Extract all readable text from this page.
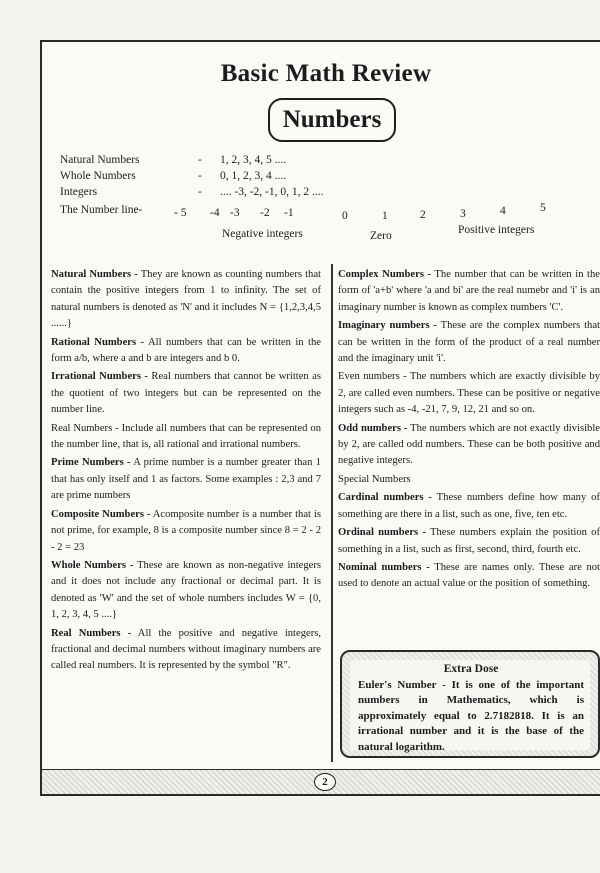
Basic Math Review
Numbers
Natural Numbers	- 1, 2, 3, 4, 5 ....
Whole Numbers	- 0, 1, 2, 3, 4 ....
Integers	- .... -3, -2, -1, 0, 1, 2 ....
The Number line-	- 5 -4 -3 -2 -1	0	1	2	3	4	5
Negative integers	Zero	Positive integers

Natural Numbers - They are known as counting numbers that contain the positive integers from 1 to infinity. The set of natural numbers is denoted as 'N' and it includes N = {1,2,3,4,5 ......}

Rational Numbers - All numbers that can be written in the form a/b, where a and b are integers and b 0.

Irrational Numbers - Real numbers that cannot be written as the quotient of two integers but can be represented on the number line.

Real Numbers - Include all numbers that can be represented on the number line, that is, all rational and irrational numbers.

Prime Numbers - A prime number is a number greater than 1 that has only itself and 1 as factors. Some examples : 2,3 and 7 are prime numbers

Composite Numbers - Acomposite number is a number that is not prime, for example, 8 is a composite number since 8 = 2 - 2 - 2 = 23

Whole Numbers - These are known as non-negative integers and it does not include any fractional or decimal part. It is denoted as 'W' and the set of whole numbers includes W = {0, 1, 2, 3, 4, 5 ....}

Real Numbers - All the positive and negative integers, fractional and decimal numbers without imaginary numbers are called real numbers. It is represented by the symbol "R".

Complex Numbers - The number that can be written in the form of 'a+b' where 'a and bi' are the real numebr and 'i' is an imaginary number is known as complex numbers 'C'.

Imaginary numbers - These are the complex numbers that can be written in the form of the product of a real number and the imaginary unit 'i'.

Even numbers - The numbers which are exactly divisible by 2, are called even numbers. These can be positive or negative integers such as -4, -21, 7, 9, 12, 21 and so on.

Odd numbers - The numbers which are not exactly divisible by 2, are called odd numbers. These can be both positive and negative integers.

Special Numbers

Cardinal numbers - These numbers define how many of something are there in a list, such as one, five, ten etc.

Ordinal numbers - These numbers explain the position of something in a list, such as first, second, third, fourth etc.

Nominal numbers - These are names only. These are not used to denote an actual value or the position of something.

Extra Dose
Euler's Number - It is one of the important numbers in Mathematics, which is approximately equal to 2.7182818. It is an irrational number and it is the base of the natural logarithm.
2
